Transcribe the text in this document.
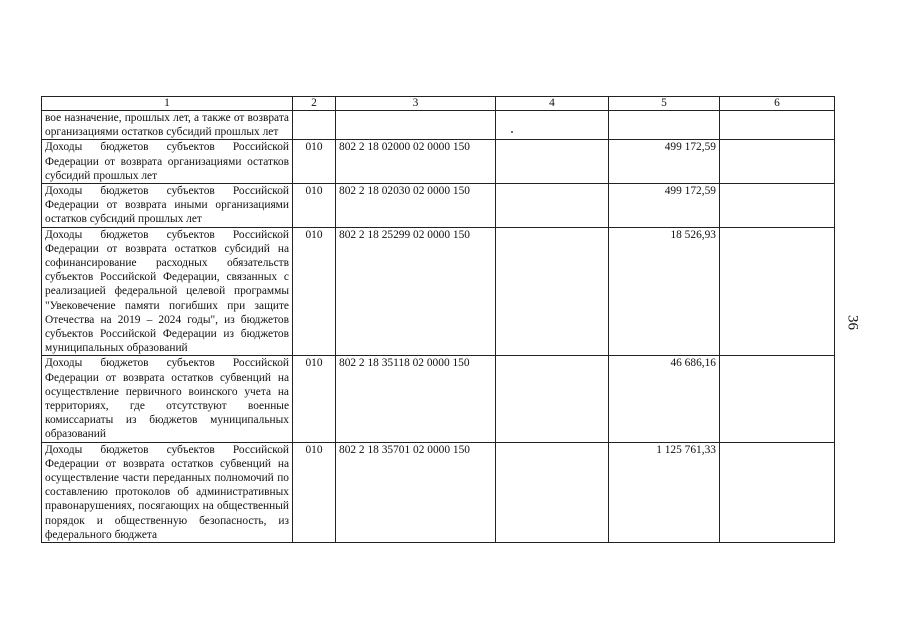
36
1	2	3	4	5	6
вое назначение, прошлых лет, а также от возврата организациями остатков субсидий прошлых лет					
Доходы бюджетов субъектов Российской Федерации от возврата организациями остатков субсидий прошлых лет	010	802 2 18 02000 02 0000 150		499 172,59	
Доходы бюджетов субъектов Российской Федерации от возврата иными организациями остатков субсидий прошлых лет	010	802 2 18 02030 02 0000 150		499 172,59	
Доходы бюджетов субъектов Российской Федерации от возврата остатков субсидий на софинансирование расходных обязательств субъектов Российской Федерации, связанных с реализацией федеральной целевой программы "Увековечение памяти погибших при защите Отечества на 2019 – 2024 годы", из бюджетов субъектов Российской Федерации из бюджетов муниципальных образований	010	802 2 18 25299 02 0000 150		18 526,93	
Доходы бюджетов субъектов Российской Федерации от возврата остатков субвенций на осуществление первичного воинского учета на территориях, где отсутствуют военные комиссариаты из бюджетов муниципальных образований	010	802 2 18 35118 02 0000 150		46 686,16	
Доходы бюджетов субъектов Российской Федерации от возврата остатков субвенций на осуществление части переданных полномочий по составлению протоколов об административных правонарушениях, посягающих на общественный порядок и общественную безопасность, из федерального бюджета	010	802 2 18 35701 02 0000 150		1 125 761,33	
